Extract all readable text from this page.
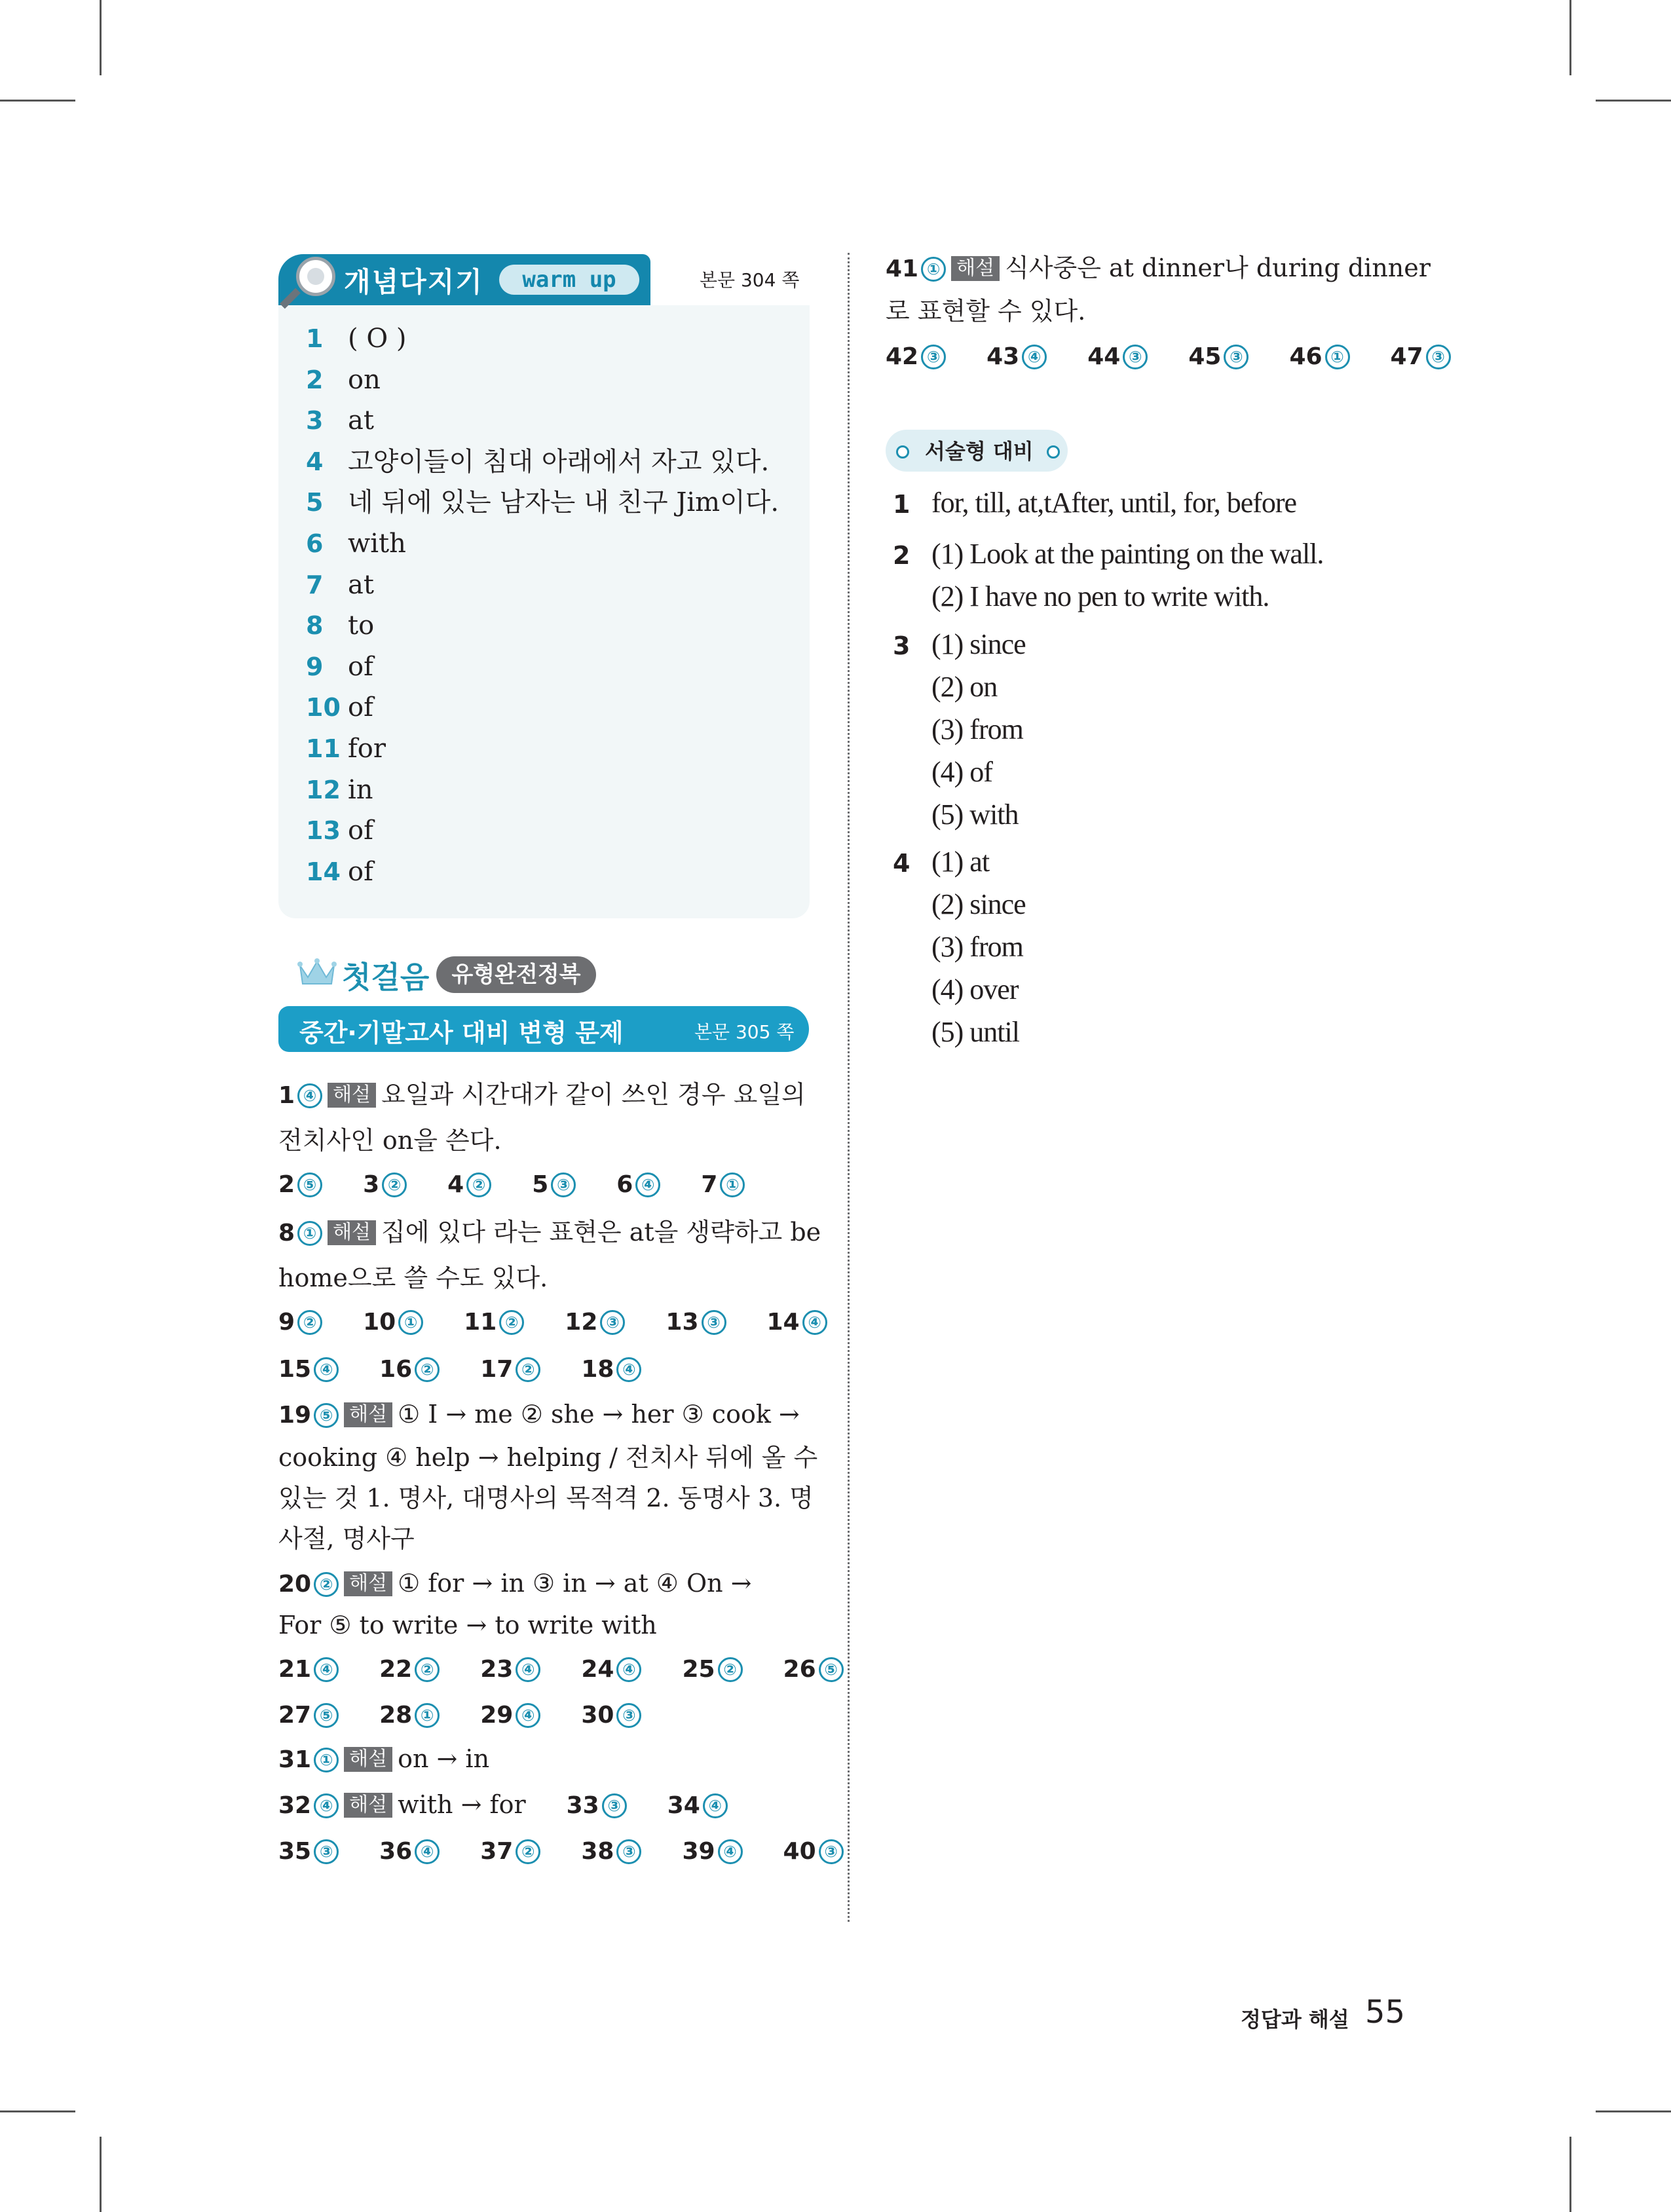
개념다지기	warm up	본문 304 쪽
1 ( O )
2 on
3 at
4 고양이들이 침대 아래에서 자고 있다.
5 네 뒤에 있는 남자는 내 친구 Jim이다.
6 with
7 at
8 to
9 of
10 of
11 for
12 in
13 of
14 of
첫걸음	유형완전정복
중간·기말고사 대비 변형 문제	본문 305 쪽
1 ④ 해설 요일과 시간대가 같이 쓰인 경우 요일의
전치사인 on을 쓴다.
2 ⑤ 3 ② 4 ② 5 ③ 6 ④ 7 ①
8 ① 해설 집에 있다 라는 표현은 at을 생략하고 be
home으로 쓸 수도 있다.
9 ② 10 ① 11 ② 12 ③ 13 ③ 14 ④
15 ④ 16 ② 17 ② 18 ④
19 ⑤ 해설 ① I → me ② she → her ③ cook →
cooking ④ help → helping / 전치사 뒤에 올 수
있는 것 1. 명사, 대명사의 목적격 2. 동명사 3. 명
사절, 명사구
20 ② 해설 ① for → in ③ in → at ④ On →
For ⑤ to write → to write with
21 ④ 22 ② 23 ④ 24 ④ 25 ② 26 ⑤
27 ⑤ 28 ① 29 ④ 30 ③
31 ① 해설 on → in
32 ④ 해설 with → for 33 ③ 34 ④
35 ③ 36 ④ 37 ② 38 ③ 39 ④ 40 ③
41 ① 해설 식사중은 at dinner나 during dinner
로 표현할 수 있다.
42 ③ 43 ④ 44 ③ 45 ③ 46 ① 47 ③
서술형 대비
1 for, till, at,tAfter, until, for, before
2 (1) Look at the painting on the wall.
(2) I have no pen to write with.
3 (1) since
(2) on
(3) from
(4) of
(5) with
4 (1) at
(2) since
(3) from
(4) over
(5) until
정답과 해설 55
